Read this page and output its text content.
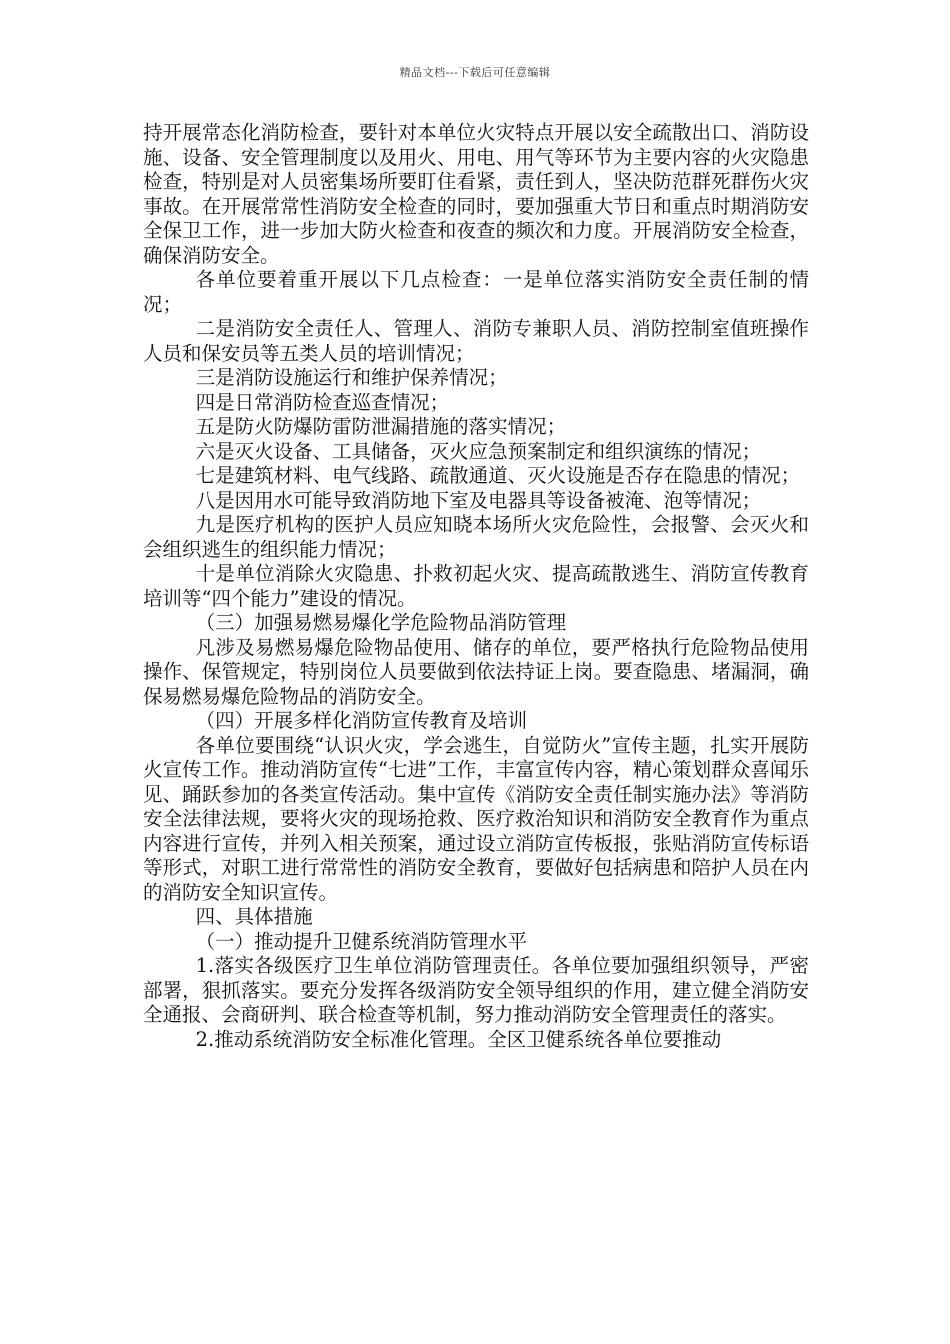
精品文档---下载后可任意编辑

持开展常态化消防检查，要针对本单位火灾特点开展以安全疏散出口、消防设施、设备、安全管理制度以及用火、用电、用气等环节为主要内容的火灾隐患检查，特别是对人员密集场所要盯住看紧，责任到人，坚决防范群死群伤火灾事故。在开展常常性消防安全检查的同时，要加强重大节日和重点时期消防安全保卫工作，进一步加大防火检查和夜查的频次和力度。开展消防安全检查，确保消防安全。

各单位要着重开展以下几点检查：一是单位落实消防安全责任制的情况；

二是消防安全责任人、管理人、消防专兼职人员、消防控制室值班操作人员和保安员等五类人员的培训情况；

三是消防设施运行和维护保养情况；

四是日常消防检查巡查情况；

五是防火防爆防雷防泄漏措施的落实情况；

六是灭火设备、工具储备，灭火应急预案制定和组织演练的情况；

七是建筑材料、电气线路、疏散通道、灭火设施是否存在隐患的情况；

八是因用水可能导致消防地下室及电器具等设备被淹、泡等情况；

九是医疗机构的医护人员应知晓本场所火灾危险性，会报警、会灭火和会组织逃生的组织能力情况；

十是单位消除火灾隐患、扑救初起火灾、提高疏散逃生、消防宣传教育培训等“四个能力”建设的情况。

（三）加强易燃易爆化学危险物品消防管理

凡涉及易燃易爆危险物品使用、储存的单位，要严格执行危险物品使用操作、保管规定，特别岗位人员要做到依法持证上岗。要查隐患、堵漏洞，确保易燃易爆危险物品的消防安全。

（四）开展多样化消防宣传教育及培训

各单位要围绕“认识火灾，学会逃生，自觉防火”宣传主题，扎实开展防火宣传工作。推动消防宣传“七进”工作，丰富宣传内容，精心策划群众喜闻乐见、踊跃参加的各类宣传活动。集中宣传《消防安全责任制实施办法》等消防安全法律法规，要将火灾的现场抢救、医疗救治知识和消防安全教育作为重点内容进行宣传，并列入相关预案，通过设立消防宣传板报，张贴消防宣传标语等形式，对职工进行常常性的消防安全教育，要做好包括病患和陪护人员在内的消防安全知识宣传。

四、具体措施

（一）推动提升卫健系统消防管理水平

1.落实各级医疗卫生单位消防管理责任。各单位要加强组织领导，严密部署，狠抓落实。要充分发挥各级消防安全领导组织的作用，建立健全消防安全通报、会商研判、联合检查等机制，努力推动消防安全管理责任的落实。

2.推动系统消防安全标准化管理。全区卫健系统各单位要推动
